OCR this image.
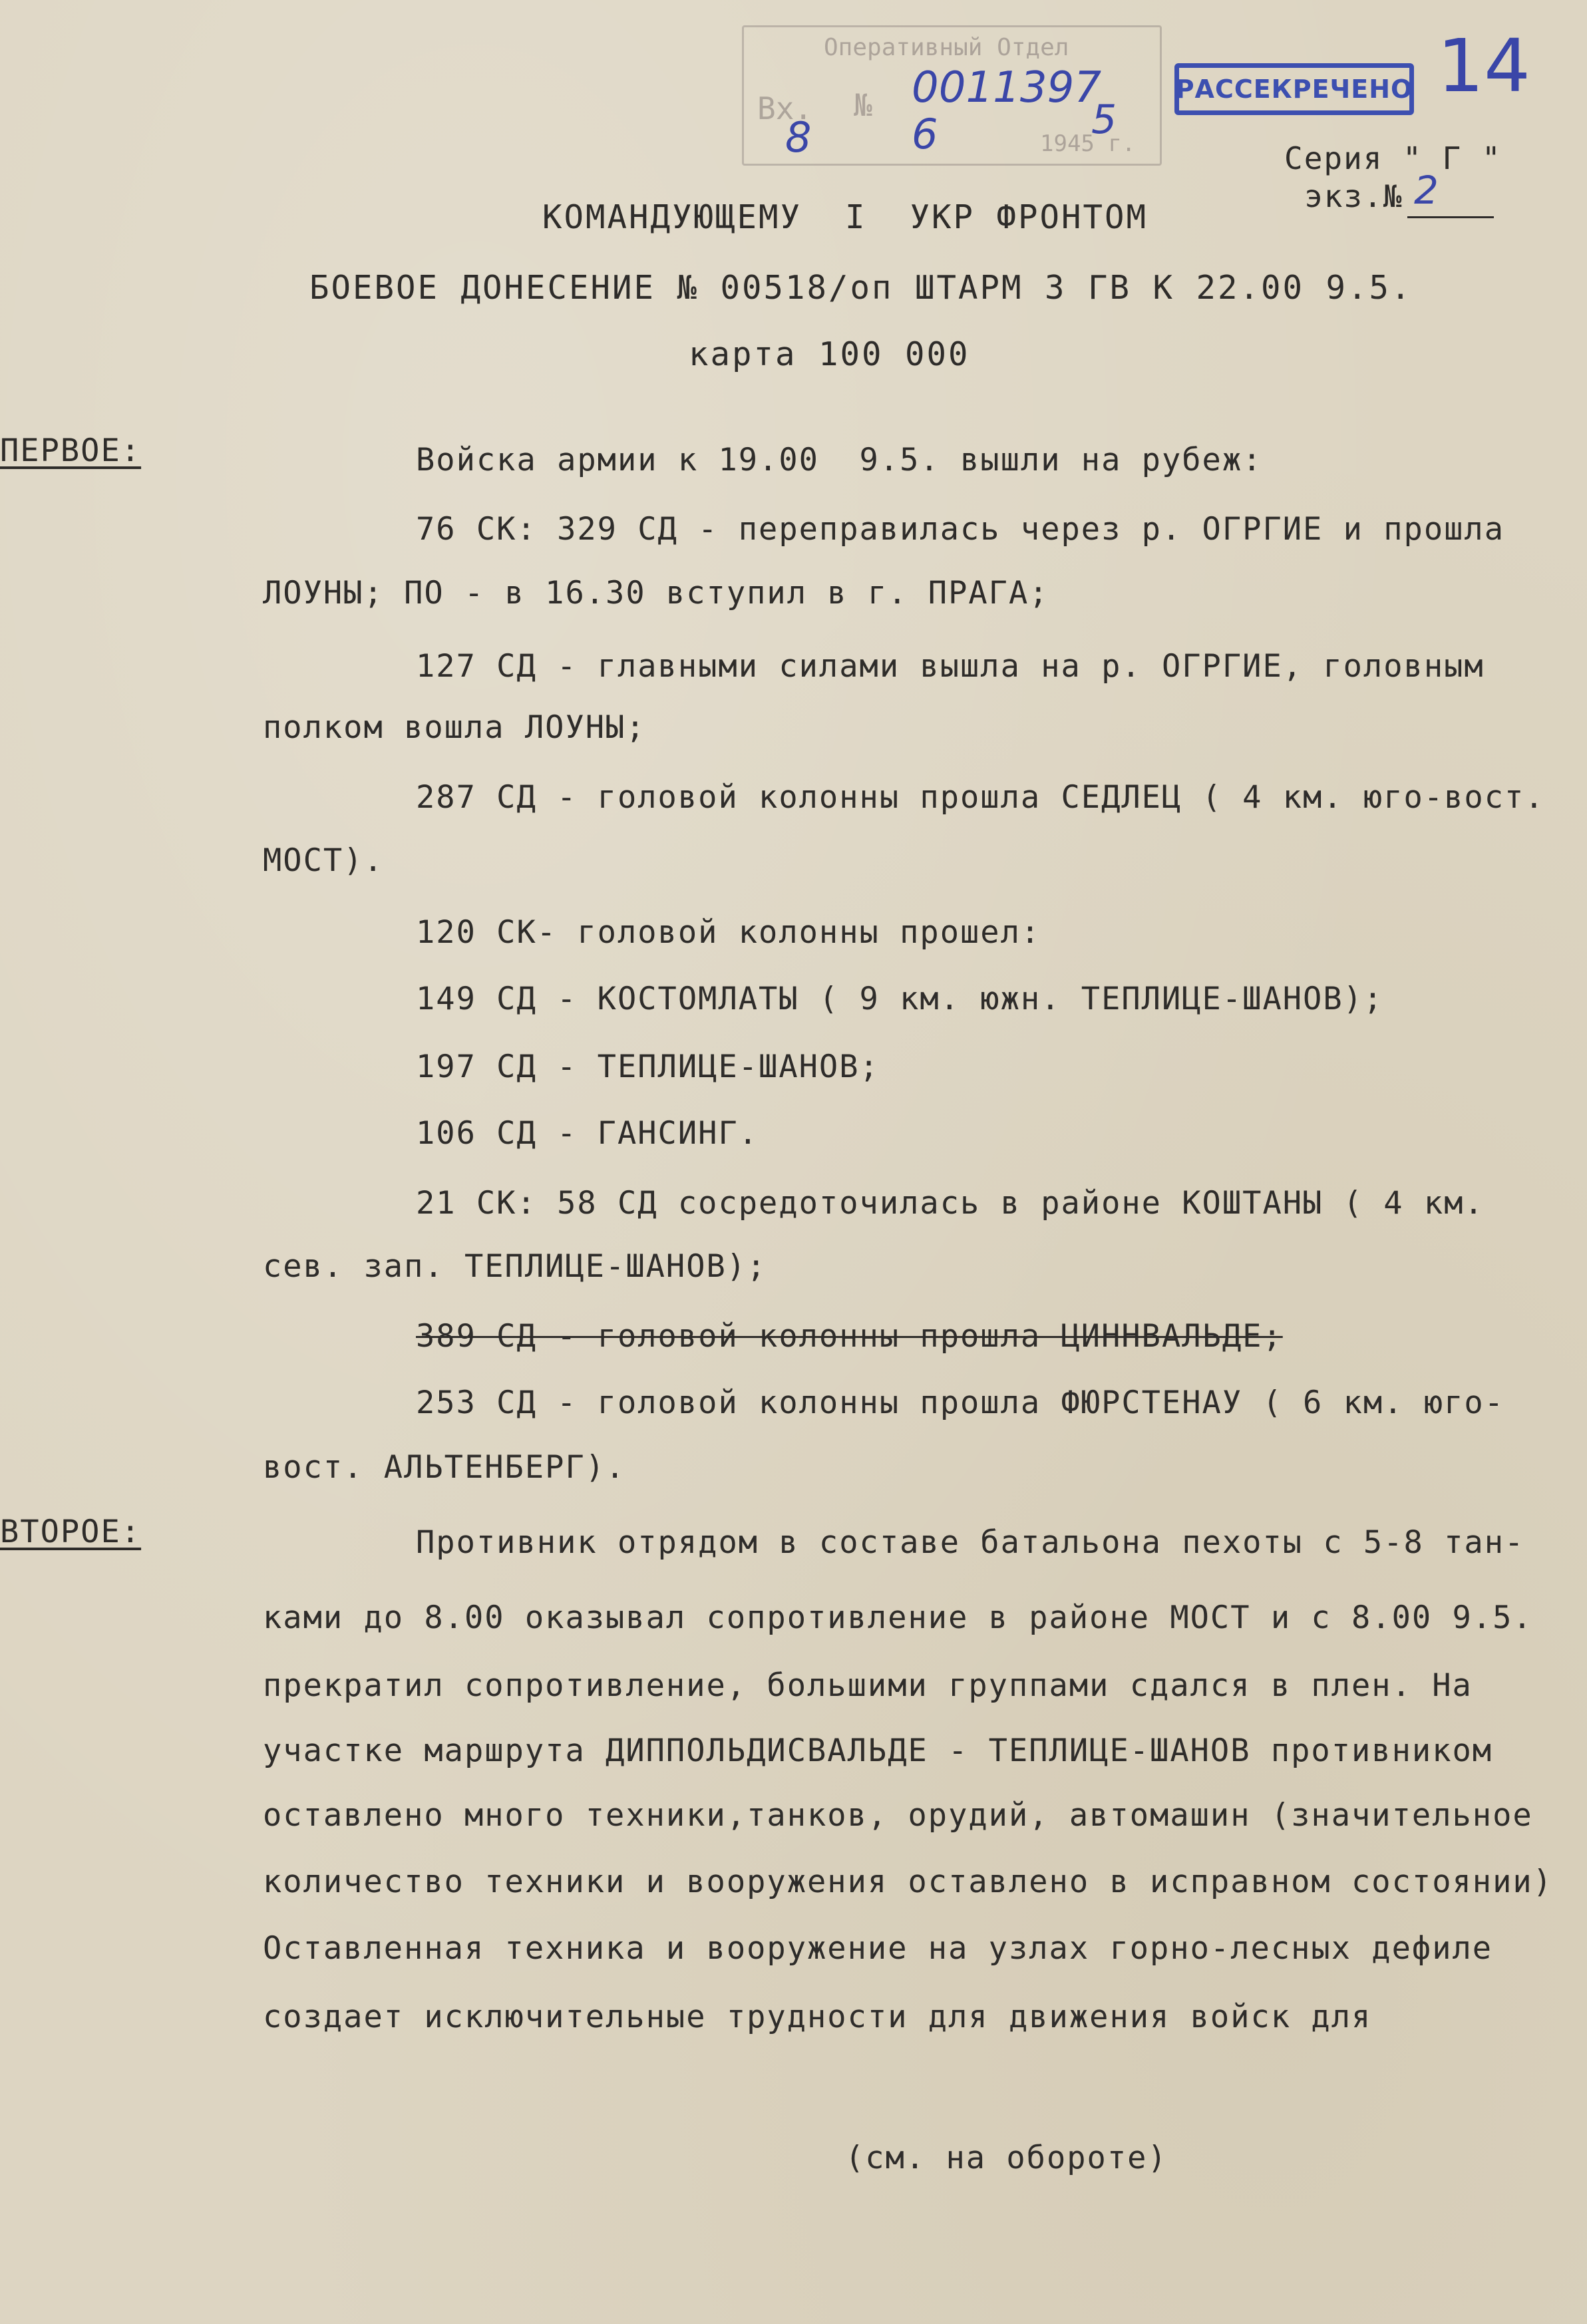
Оперативный Отдел
Вх. №
1945 г.
0011397
8 6	5
РАССЕКРЕЧЕНО 14
Серия " Г "
экз.№ 2
КОМАНДУЮЩЕМУ  I  УКР ФРОНТОМ
БОЕВОЕ ДОНЕСЕНИЕ № 00518/оп ШТАРМ 3 ГВ К 22.00 9.5.
карта 100 000
ПЕРВОЕ:
ВТОРОЕ:
Войска армии к 19.00  9.5. вышли на рубеж:
76 СК: 329 СД - переправилась через р. ОГРГИЕ и прошла
ЛОУНЫ; ПО - в 16.30 вступил в г. ПРАГА;
127 СД - главными силами вышла на р. ОГРГИЕ, головным
полком вошла ЛОУНЫ;
287 СД - головой колонны прошла СЕДЛЕЦ ( 4 км. юго-вост.
МОСТ).
120 СК- головой колонны прошел:
149 СД - КОСТОМЛАТЫ ( 9 км. южн. ТЕПЛИЦЕ-ШАНОВ);
197 СД - ТЕПЛИЦЕ-ШАНОВ;
106 СД - ГАНСИНГ.
21 СК: 58 СД сосредоточилась в районе КОШТАНЫ ( 4 км.
сев. зап. ТЕПЛИЦЕ-ШАНОВ);
389 СД - головой колонны прошла ЦИННВАЛЬДЕ;
253 СД - головой колонны прошла ФЮРСТЕНАУ ( 6 км. юго-
вост. АЛЬТЕНБЕРГ).
Противник отрядом в составе батальона пехоты с 5-8 тан-
ками до 8.00 оказывал сопротивление в районе МОСТ и с 8.00 9.5.
прекратил сопротивление, большими группами сдался в плен. На
участке маршрута ДИППОЛЬДИСВАЛЬДЕ - ТЕПЛИЦЕ-ШАНОВ противником
оставлено много техники,танков, орудий, автомашин (значительное
количество техники и вооружения оставлено в исправном состоянии)
Оставленная техника и вооружение на узлах горно-лесных дефиле
создает исключительные трудности для движения войск для
(см. на обороте)
